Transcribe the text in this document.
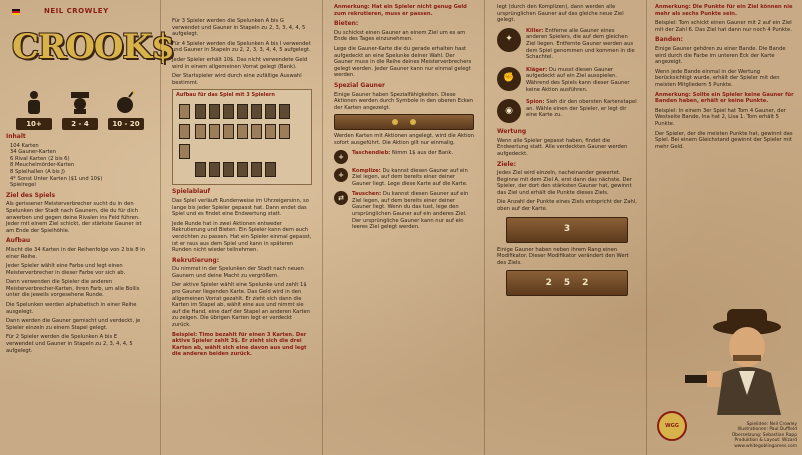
NEIL CROWLEY
CROOK$
10+	2 - 4	10 - 20
Inhalt
104 Karten
34 Gauner-Karten
6 Rival Karten (2 bis 6)
8 Meuchelmörder-Karten
8 Spielhallen (A bis J)
4* Sonst Unter Karten ($1 und 10$)
Spielregel
Ziel des Spiels

Als gerissener Meisterverbrecher sucht du in den Spelunken der Stadt nach Gaunern, die du für dich anwerben und gegen deine Rivalen ins Feld führen. Jeder mit einem Ziel schickt, der stärkste Gauner ist am Ende der Spielhöhle.

Aufbau

Mischt die 34 Karten in der Reihenfolge von 2 bis 8 in einer Reihe.

Jeder Spieler wählt eine Farbe und legt einen Meisterverbrecher in dieser Farbe vor sich ab.

Dann verwenden die Spieler die anderen Meisterverbrecher-Karten, ihren Farb, um alle Bollis unter die jeweils vorgesehene Runde.

Die Spelunken werden alphabetisch in einer Reihe ausgelegt.

Dann werden die Gauner gemischt und verdeckt, je Spieler einzeln zu einem Stapel gelegt.

Für 2 Spieler werden die Spelunken A bis E verwendet und Gauner in Stapeln zu 2, 3, 4, 4, 5 aufgelegt.

Für 3 Spieler werden die Spelunken A bis G verwendet und Gauner in Stapeln zu 2, 3, 3, 4, 4, 5 aufgelegt.

Für 4 Spieler werden die Spelunken A bis I verwendet und Gauner in Stapeln zu 2, 2, 3, 3, 4, 4, 5 aufgelegt.

Jeder Spieler erhält 10$. Das nicht verwendete Geld wird in einem allgemeinen Vorrat gelegt (Bank).

Der Startspieler wird durch eine zufällige Auswahl bestimmt.

Aufbau für das Spiel mit 3 Spielern
Spielablauf

Das Spiel verläuft Rundenweise im Uhrzeigersinn, so lange bis jeder Spieler gepasst hat. Dann endet das Spiel und es findet eine Endwertung statt.

Jede Runde hat in zwei Aktionen entweder Rekrutierung und Bieten. Ein Spieler kann dem auch verzichten zu passen. Hat ein Spieler einmal gepasst, ist er raus aus dem Spiel und kann in späteren Runden nicht wieder teilnehmen.

Rekrutierung:

Du nimmst in der Spelunken der Stadt nach neuen Gaunern und deine Macht zu vergrößern.

Der aktive Spieler wählt eine Spelunke und zahlt 1$ pro Gauner liegenden Karte. Das Geld wird in den allgemeinen Vorrat gezahlt. Er zieht sich dann die Karten im Stapel ab, wählt eine aus und nimmt sie auf die Hand, eine darf der Stapel an anderen Karten zu zeigen. Die übrigen Karten legt er verdeckt zurück.

Beispiel: Timo bezahlt für einen 3 Karten. Der aktive Spieler zahlt 3$. Er zieht sich die drei Karten ab, wählt sich eine davon aus und legt die anderen beiden zurück.

Anmerkung: Hat ein Spieler nicht genug Geld zum rekrutieren, muss er passen.

Bieten:

Du schickst einen Gauner an einem Ziel um es am Ende des Tages einzunehmen.

Lege die Gauner-Karte die du gerade erhalten hast aufgedeckt an eine Spelunke deiner Wahl. Der Gauner muss in die Reihe deines Meisterverbrechers gelegt werden. Jeder Gauner kann nur einmal gelegt werden.

Spezial Gauner

Einige Gauner haben Spezialfähigkeiten. Diese Aktionen werden durch Symbole in den oberen Ecken der Karten angezeigt.

Werden Karten mit Aktionen angelegt, wird die Aktion sofort ausgeführt. Die Aktion gilt nur einmalig.

+	Taschendieb: Nimm 1$ aus der Bank.
+	Komplize: Du kannst diesen Gauner auf ein Ziel legen, auf dem bereits einer deiner Gauner liegt. Lege diese Karte auf die Karte.
⇄	Tauschen: Du kannst diesen Gauner auf ein Ziel legen, auf dem bereits einer deiner Gauner liegt. Wenn du das tust, lege den ursprünglichen Gauner auf ein anderes Ziel. Der ursprüngliche Gauner kann nur auf ein leeres Ziel gelegt werden.

legt (durch den Komplizen), dann werden alle ursprünglichen Gauner auf das gleiche neue Ziel gelegt.

✦
Killer: Entferne alle Gauner eines anderen Spielers, die auf dem gleichen Ziel liegen. Entfernte Gauner werden aus dem Spiel genommen und kommen in die Schachtel.
✊
Kläger: Du musst diesen Gauner aufgedeckt auf ein Ziel ausspielen. Während des Spiels kann dieser Gauner keine Aktion ausführen.
◉
Spion: Sieh dir den obersten Kartenstapel an. Wähle einen der Spieler, er legt dir eine Karte zu.
Wertung

Wenn alle Spieler gepasst haben, findet die Endwertung statt. Alle verdeckten Gauner werden aufgedeckt.

Ziele:

Jedes Ziel wird einzeln, nacheinander gewertet. Beginne mit dem Ziel A, erst dann das nächste. Der Spieler, der dort den stärksten Gauner hat, gewinnt das Ziel und erhält die Punkte dieses Ziels.

Die Anzahl der Punkte eines Ziels entspricht der Zahl, oben auf der Karte.

3

Einige Gauner haben neben ihrem Rang einen Modifikator. Dieser Modifikator verändert den Wert des Ziels.

2 5 2

Anmerkung: Die Punkte für ein Ziel können nie mehr als sechs Punkte sein.

Beispiel: Tom schickt einen Gauner mit 2 auf ein Ziel mit der Zahl 6. Das Ziel hat dann nur noch 4 Punkte.

Banden:

Einige Gauner gehören zu einer Bande. Die Bande wird durch die Farbe im unteren Eck der Karte angezeigt.

Wenn jede Bande einmal in der Wertung berücksichtigt wurde, erhält der Spieler mit den meisten Mitgliedern 5 Punkte.

Anmerkung: Sollte ein Spieler keine Gauner für Banden haben, erhält er keine Punkte.

Beispiel: In einem 3er Spiel hat Tom 4 Gauner, der Westseite Bande, Ina hat 2, Lisa 1. Tom erhält 5 Punkte.

Der Spieler, der die meisten Punkte hat, gewinnt das Spiel. Bei einem Gleichstand gewinnt der Spieler mit mehr Geld.

WGG	Spielidee: Neil Crowley
Illustrationen: Paul Duffield
Übersetzung: Sebastian Rapp
Produktion & Layout: Wizard
www.whitegoblingames.com
